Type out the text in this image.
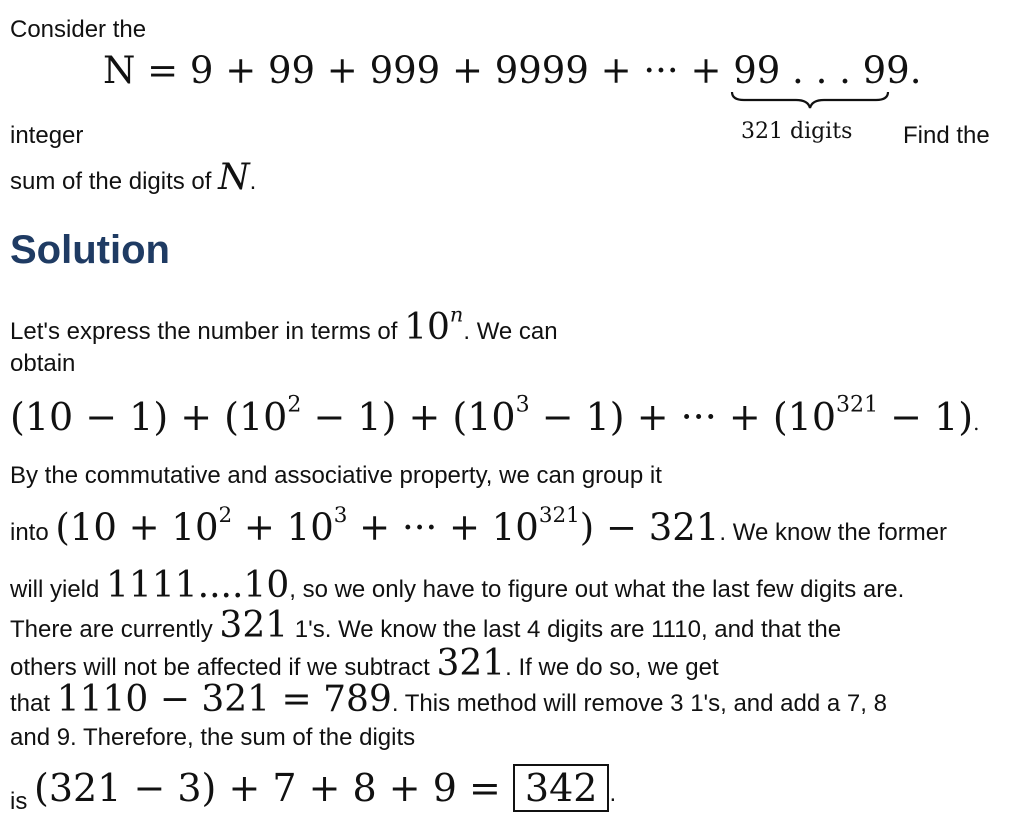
Consider the
N = 9 + 99 + 999 + 9999 + ··· + 99 . . . 99.
321 digits
integer	Find the
sum of the digits of N.
Solution
Let's express the number in terms of 10$^n$. We can
obtain
$(10 - 1) + (10^2 - 1) + (10^3 - 1)$ + ··· + $(10^{321} - 1)$.
By the commutative and associative property, we can group it
into ($10 + 10^2 + 10^3$ + ··· + $10^{321}) - 321$. We know the former
will yield 1111....10, so we only have to figure out what the last few digits are.
There are currently 321 1's. We know the last 4 digits are 1110, and that the
others will not be affected if we subtract 321. If we do so, we get
that 1110 − 321 = 789. This method will remove 3 1's, and add a 7, 8
and 9. Therefore, the sum of the digits
is (321 − 3) + 7 + 8 + 9 = 342 .
